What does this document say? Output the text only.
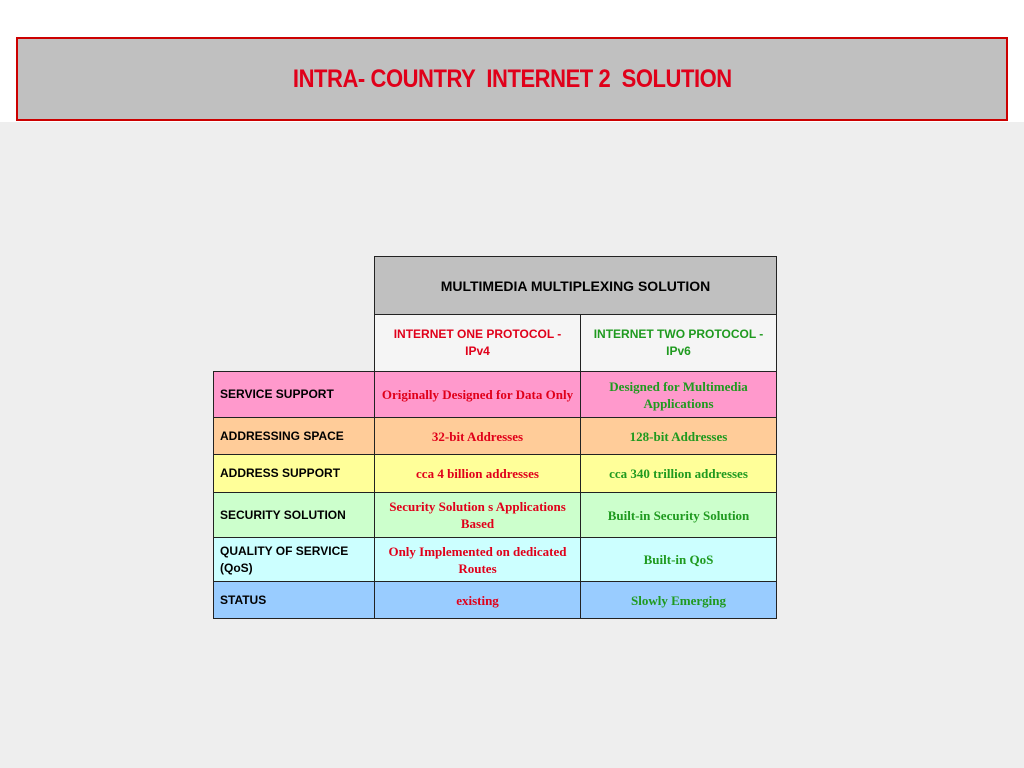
INTRA- COUNTRY  INTERNET 2  SOLUTION
	MULTIMEDIA MULTIPLEXING SOLUTION	
	INTERNET ONE PROTOCOL - IPv4	INTERNET TWO PROTOCOL - IPv6
SERVICE SUPPORT	Originally Designed for Data Only	Designed for Multimedia Applications
ADDRESSING SPACE	32-bit Addresses	128-bit Addresses
ADDRESS SUPPORT	cca 4 billion addresses	cca 340 trillion addresses
SECURITY SOLUTION	Security Solution s Applications Based	Built-in Security Solution
QUALITY OF SERVICE (QoS)	Only Implemented on dedicated Routes	Built-in QoS
STATUS	existing	Slowly Emerging
